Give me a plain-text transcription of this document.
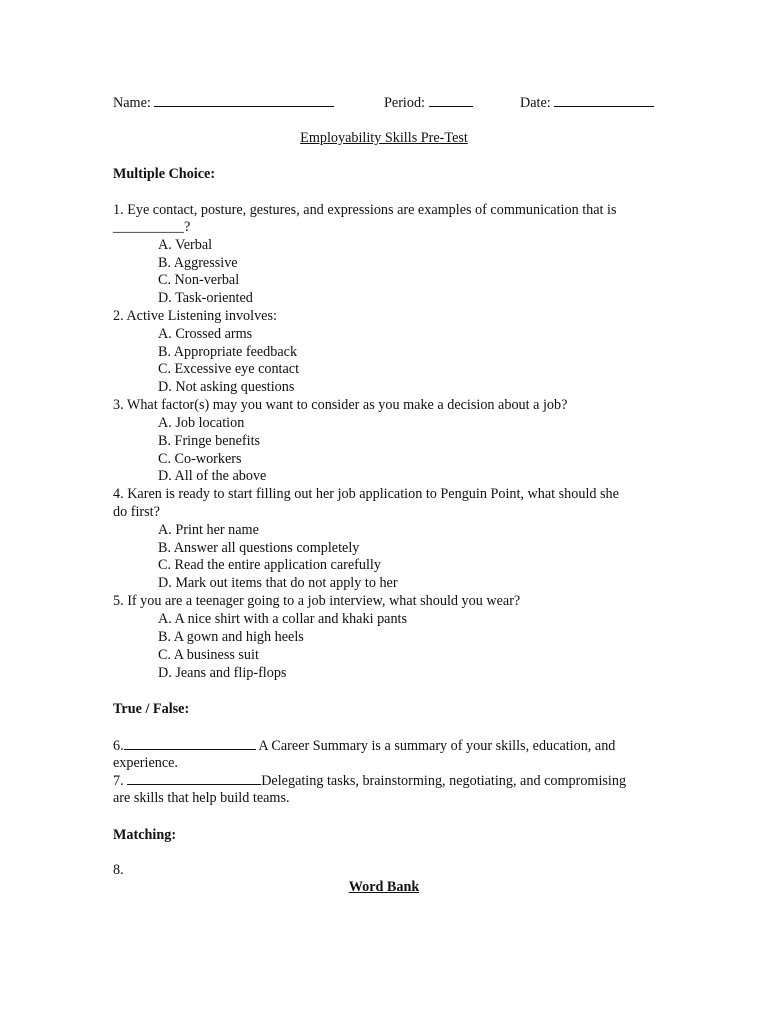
Name:	Period:	Date:
Employability Skills Pre-Test
Multiple Choice:
1. Eye contact, posture, gestures, and expressions are examples of communication that is
__________?
A. Verbal
B. Aggressive
C. Non-verbal
D. Task-oriented
2. Active Listening involves:
A. Crossed arms
B. Appropriate feedback
C. Excessive eye contact
D. Not asking questions
3. What factor(s) may you want to consider as you make a decision about a job?
A. Job location
B. Fringe benefits
C. Co-workers
D. All of the above
4. Karen is ready to start filling out her job application to Penguin Point, what should she
do first?
A. Print her name
B. Answer all questions completely
C. Read the entire application carefully
D. Mark out items that do not apply to her
5. If you are a teenager going to a job interview, what should you wear?
A. A nice shirt with a collar and khaki pants
B. A gown and high heels
C. A business suit
D. Jeans and flip-flops
True / False:
6.	A Career Summary is a summary of your skills, education, and
experience.
7.	Delegating tasks, brainstorming, negotiating, and compromising
are skills that help build teams.
Matching:
8.
Word Bank
